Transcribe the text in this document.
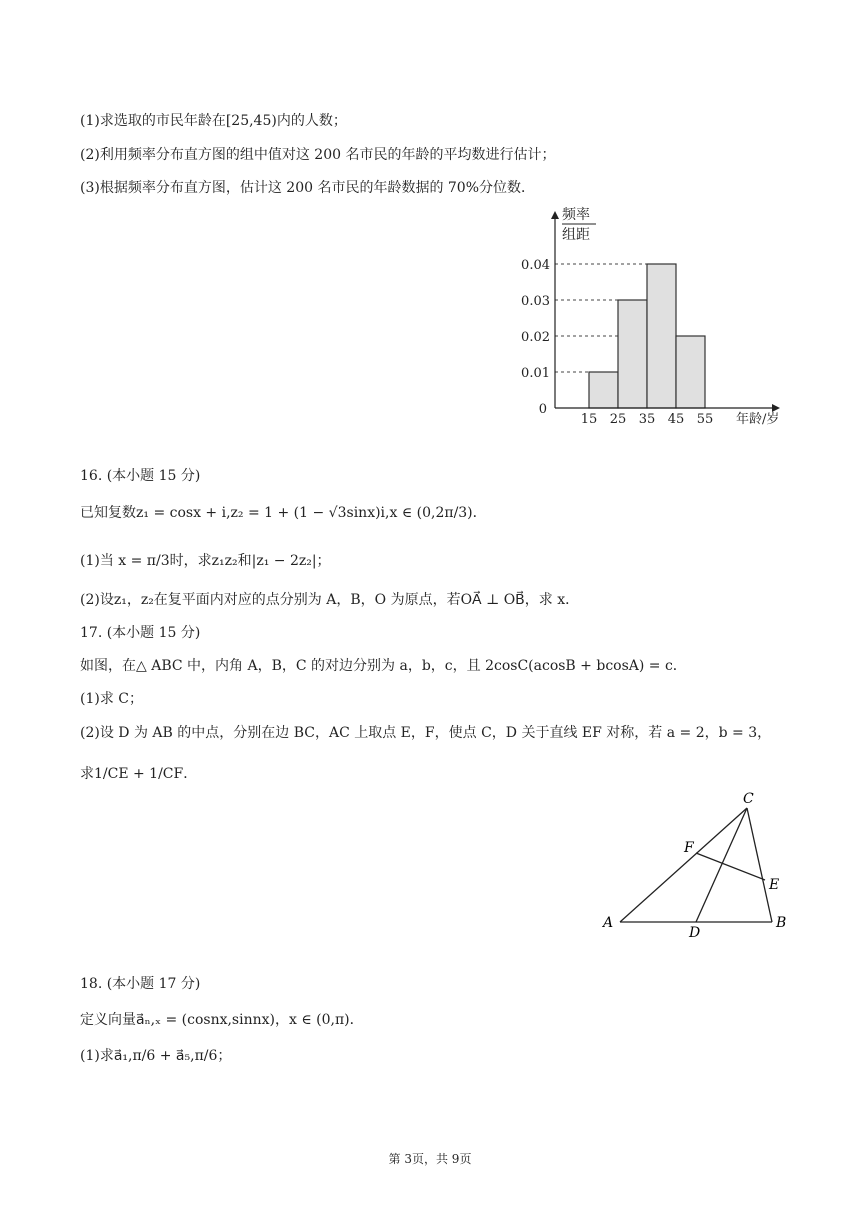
(1)求选取的市民年龄在[25,45)内的人数；
(2)利用频率分布直方图的组中值对这 200 名市民的年龄的平均数进行估计；
(3)根据频率分布直方图，估计这 200 名市民的年龄数据的 70%分位数．
0.01
0.02
0.03
0.04
0
15 25 35 45 55
频率
组距
年龄/岁
16. (本小题 15 分)
已知复数z₁ = cosx + i,z₂ = 1 + (1 − √3sinx)i,x ∈ (0,2π/3)．
(1)当 x = π/3时，求z₁z₂和|z₁ − 2z₂|；
(2)设z₁，z₂在复平面内对应的点分别为 A，B，O 为原点，若OA⃗ ⊥ OB⃗，求 x．
17. (本小题 15 分)
如图，在△ ABC 中，内角 A，B，C 的对边分别为 a，b，c，且 2cosC(acosB + bcosA) = c．
(1)求 C；
(2)设 D 为 AB 的中点，分别在边 BC，AC 上取点 E，F，使点 C，D 关于直线 EF 对称，若 a = 2，b = 3，
求1/CE + 1/CF．
A	B
C
D
E
F
18. (本小题 17 分)
定义向量a⃗ₙ,ₓ = (cosnx,sinnx)，x ∈ (0,π)．
(1)求a⃗₁,π/6 + a⃗₅,π/6；
第 3页，共 9页
